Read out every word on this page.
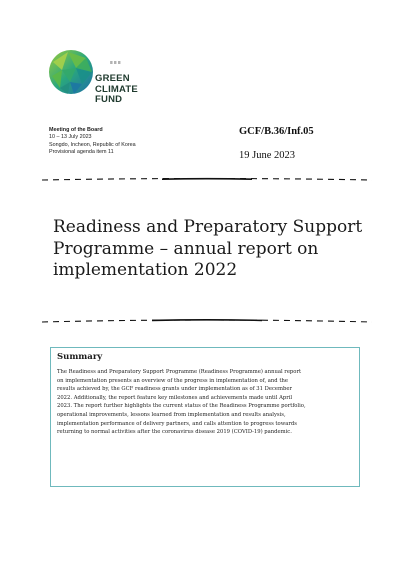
≡≡≡
GREEN
CLIMATE
FUND
Meeting of the Board
10 – 13 July 2023
Songdo, Incheon, Republic of Korea
Provisional agenda item 11
GCF/B.36/Inf.05
19 June 2023
Readiness and Preparatory Support
Programme – annual report on
implementation 2022
Summary
The Readiness and Preparatory Support Programme (Readiness Programme) annual report
on implementation presents an overview of the progress in implementation of, and the
results achieved by, the GCF readiness grants under implementation as of 31 December
2022. Additionally, the report feature key milestones and achievements made until April
2023. The report further highlights the current status of the Readiness Programme portfolio,
operational improvements, lessons learned from implementation and results analysis,
implementation performance of delivery partners, and calls attention to progress towards
returning to normal activities after the coronavirus disease 2019 (COVID-19) pandemic.
